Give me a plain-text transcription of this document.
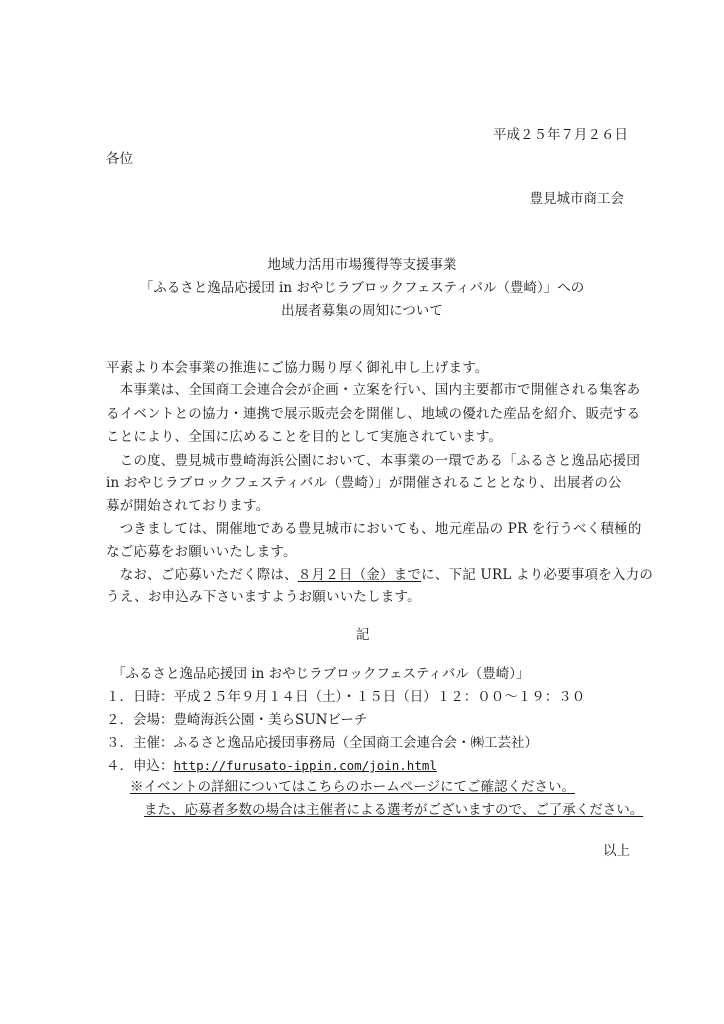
平成２５年７月２６日
各位
豊見城市商工会
地域力活用市場獲得等支援事業
「ふるさと逸品応援団 in おやじラブロックフェスティバル（豊崎）」への
出展者募集の周知について
平素より本会事業の推進にご協力賜り厚く御礼申し上げます。
　本事業は、全国商工会連合会が企画・立案を行い、国内主要都市で開催される集客あ
るイベントとの協力・連携で展示販売会を開催し、地域の優れた産品を紹介、販売する
ことにより、全国に広めることを目的として実施されています。
　この度、豊見城市豊崎海浜公園において、本事業の一環である「ふるさと逸品応援団
in おやじラブロックフェスティバル（豊崎）」が開催されることとなり、出展者の公
募が開始されております。
　つきましては、開催地である豊見城市においても、地元産品の PR を行うべく積極的
なご応募をお願いいたします。
　なお、ご応募いただく際は、８月２日（金）までに、下記 URL より必要事項を入力の
うえ、お申込み下さいますようお願いいたします。
記
「ふるさと逸品応援団 in おやじラブロックフェスティバル（豊崎）」
１．日時：平成２５年９月１４日（土）・１５日（日）１２：００～１９：３０
２．会場：豊崎海浜公園・美らSUNビーチ
３．主催：ふるさと逸品応援団事務局（全国商工会連合会・㈱工芸社）
４．申込：http://furusato-ippin.com/join.html
※イベントの詳細についてはこちらのホームページにてご確認ください。
また、応募者多数の場合は主催者による選考がございますので、ご了承ください。
以上
